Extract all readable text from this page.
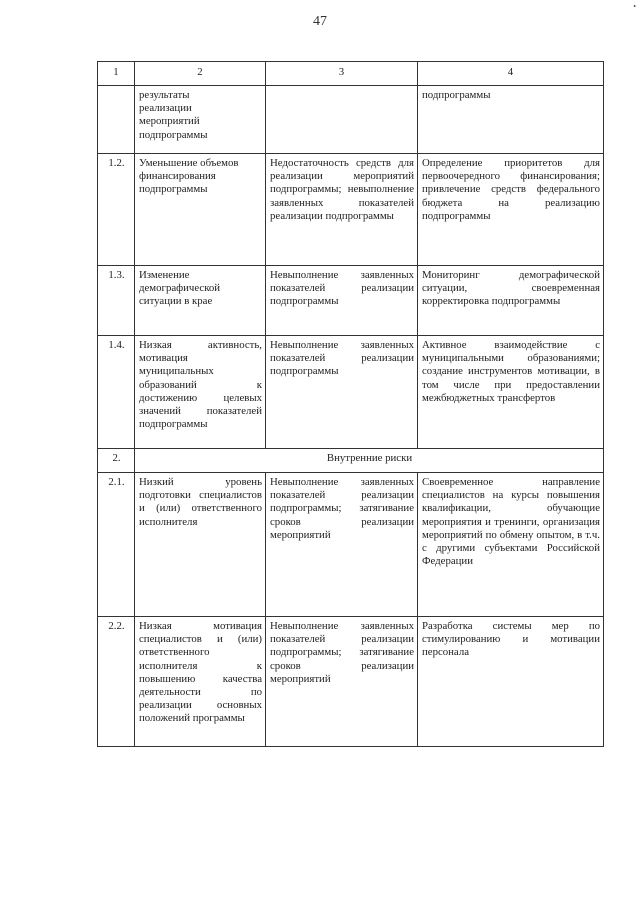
47
•
1	2	3	4
	результаты реализации мероприятий подпрограммы		подпрограммы
1.2.	Уменьшение объемов финансирования подпрограммы	Недостаточность средств для реализации мероприятий подпрограммы; невыполнение заявленных показателей реализации подпрограммы	Определение приоритетов для первоочередного финансирования; привлечение средств федерального бюджета на реализацию подпрограммы
1.3.	Изменение демографической ситуации в крае	Невыполнение заявленных показателей реализации подпрограммы	Мониторинг демографической ситуации, своевременная корректировка подпрограммы
1.4.	Низкая активность, мотивация муниципальных образований к достижению целевых значений показателей подпрограммы	Невыполнение заявленных показателей реализации подпрограммы	Активное взаимодействие с муниципальными образованиями; создание инструментов мотивации, в том числе при предоставлении межбюджетных трансфертов
2.	Внутренние риски		
2.1.	Низкий уровень подготовки специалистов и (или) ответственного исполнителя	Невыполнение заявленных показателей реализации подпрограммы; затягивание сроков реализации мероприятий	Своевременное направление специалистов на курсы повышения квалификации, обучающие мероприятия и тренинги, организация мероприятий по обмену опытом, в т.ч. с другими субъектами Российской Федерации
2.2.	Низкая мотивация специалистов и (или) ответственного исполнителя к повышению качества деятельности по реализации основных положений программы	Невыполнение заявленных показателей реализации подпрограммы; затягивание сроков реализации мероприятий	Разработка системы мер по стимулированию и мотивации персонала
